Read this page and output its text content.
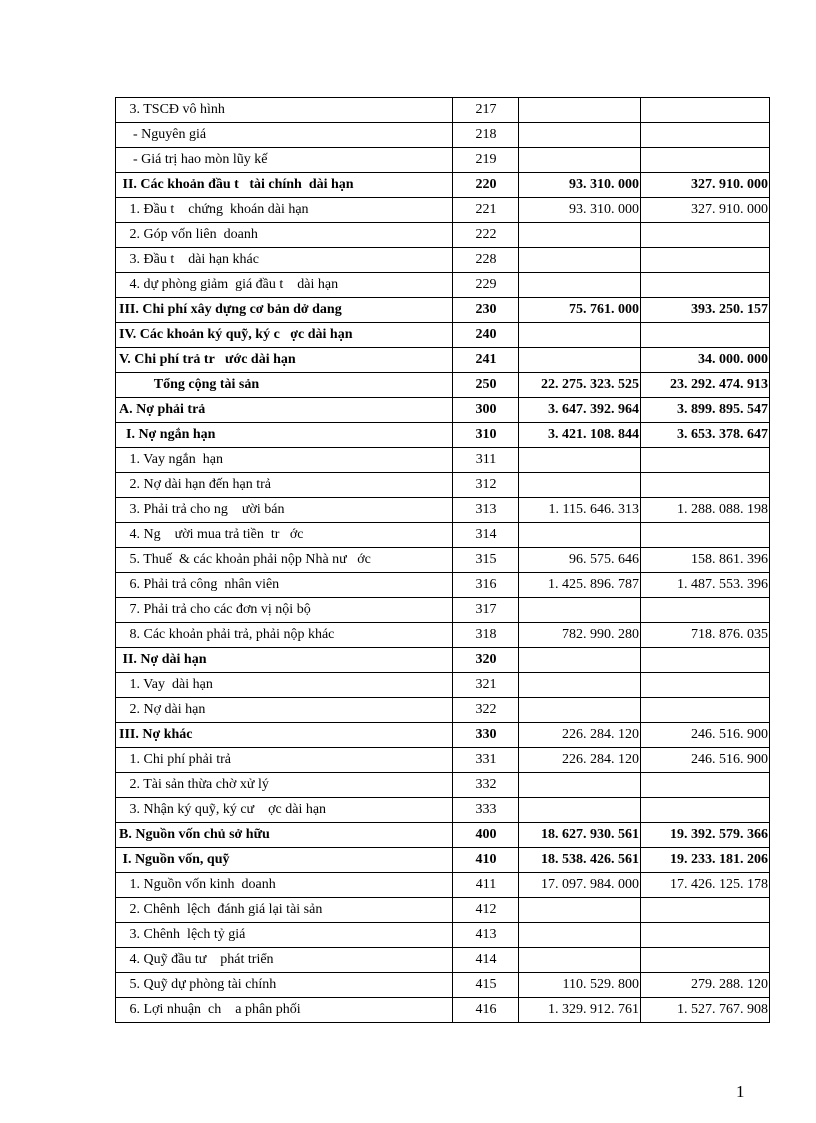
3. TSCĐ vô hình	217		
- Nguyên giá	218		
- Giá trị hao mòn lũy kế	219		
II. Các khoản đầu t   tài chính  dài hạn	220	93. 310. 000	327. 910. 000
1. Đầu t    chứng  khoán dài hạn	221	93. 310. 000	327. 910. 000
2. Góp vốn liên  doanh	222		
3. Đầu t    dài hạn khác	228		
4. dự phòng giảm  giá đầu t    dài hạn	229		
III. Chi phí xây dựng cơ bản dở dang	230	75. 761. 000	393. 250. 157
IV. Các khoản ký quỹ, ký c   ợc dài hạn	240		
V. Chi phí trả tr   ước dài hạn	241		34. 000. 000
Tổng cộng tài sản	250	22. 275. 323. 525	23. 292. 474. 913
A. Nợ phải trả	300	3. 647. 392. 964	3. 899. 895. 547
I. Nợ ngắn hạn	310	3. 421. 108. 844	3. 653. 378. 647
1. Vay ngắn  hạn	311		
2. Nợ dài hạn đến hạn trả	312		
3. Phải trả cho ng    ười bán	313	1. 115. 646. 313	1. 288. 088. 198
4. Ng    ười mua trả tiền  tr   ớc	314		
5. Thuế  & các khoản phải nộp Nhà nư   ớc	315	96. 575. 646	158. 861. 396
6. Phải trả công  nhân viên	316	1. 425. 896. 787	1. 487. 553. 396
7. Phải trả cho các đơn vị nội bộ	317		
8. Các khoản phải trả, phải nộp khác	318	782. 990. 280	718. 876. 035
II. Nợ dài hạn	320		
1. Vay  dài hạn	321		
2. Nợ dài hạn	322		
III. Nợ khác	330	226. 284. 120	246. 516. 900
1. Chi phí phải trả	331	226. 284. 120	246. 516. 900
2. Tài sản thừa chờ xử lý	332		
3. Nhận ký quỹ, ký cư    ợc dài hạn	333		
B. Nguồn vốn chủ sở hữu	400	18. 627. 930. 561	19. 392. 579. 366
I. Nguồn vốn, quỹ	410	18. 538. 426. 561	19. 233. 181. 206
1. Nguồn vốn kinh  doanh	411	17. 097. 984. 000	17. 426. 125. 178
2. Chênh  lệch  đánh giá lại tài sản	412		
3. Chênh  lệch tỷ giá	413		
4. Quỹ đầu tư    phát triển	414		
5. Quỹ dự phòng tài chính	415	110. 529. 800	279. 288. 120
6. Lợi nhuận  ch    a phân phối	416	1. 329. 912. 761	1. 527. 767. 908
1
